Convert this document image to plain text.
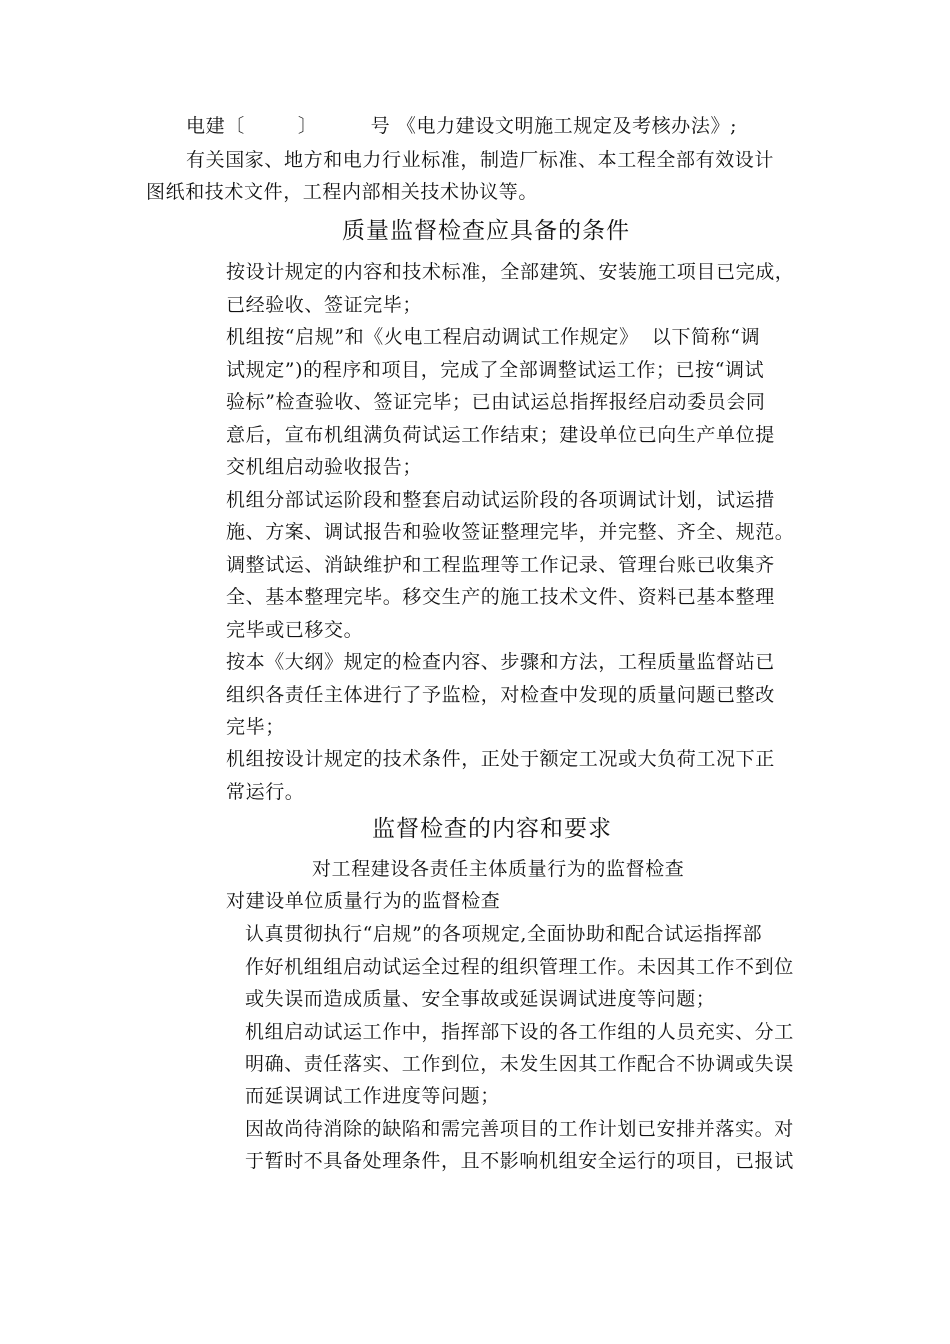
电建〔        〕        号 《电力建设文明施工规定及考核办法》;
有关国家、地方和电力行业标准，制造厂标准、本工程全部有效设计
图纸和技术文件，工程内部相关技术协议等。
质量监督检查应具备的条件
按设计规定的内容和技术标准，全部建筑、安装施工项目已完成，
已经验收、签证完毕；
机组按“启规”和《火电工程启动调试工作规定》  以下简称“调
试规定”)的程序和项目，完成了全部调整试运工作；已按“调试
验标”检查验收、签证完毕；已由试运总指挥报经启动委员会同
意后，宣布机组满负荷试运工作结束；建设单位已向生产单位提
交机组启动验收报告；
机组分部试运阶段和整套启动试运阶段的各项调试计划，试运措
施、方案、调试报告和验收签证整理完毕，并完整、齐全、规范。
调整试运、消缺维护和工程监理等工作记录、管理台账已收集齐
全、基本整理完毕。移交生产的施工技术文件、资料已基本整理
完毕或已移交。
按本《大纲》规定的检查内容、步骤和方法，工程质量监督站已
组织各责任主体进行了予监检，对检查中发现的质量问题已整改
完毕；
机组按设计规定的技术条件，正处于额定工况或大负荷工况下正
常运行。
监督检查的内容和要求
对工程建设各责任主体质量行为的监督检查
对建设单位质量行为的监督检查
认真贯彻执行“启规”的各项规定,全面协助和配合试运指挥部
作好机组组启动试运全过程的组织管理工作。未因其工作不到位
或失误而造成质量、安全事故或延误调试进度等问题；
机组启动试运工作中，指挥部下设的各工作组的人员充实、分工
明确、责任落实、工作到位，未发生因其工作配合不协调或失误
而延误调试工作进度等问题；
因故尚待消除的缺陷和需完善项目的工作计划已安排并落实。对
于暂时不具备处理条件，且不影响机组安全运行的项目，已报试
